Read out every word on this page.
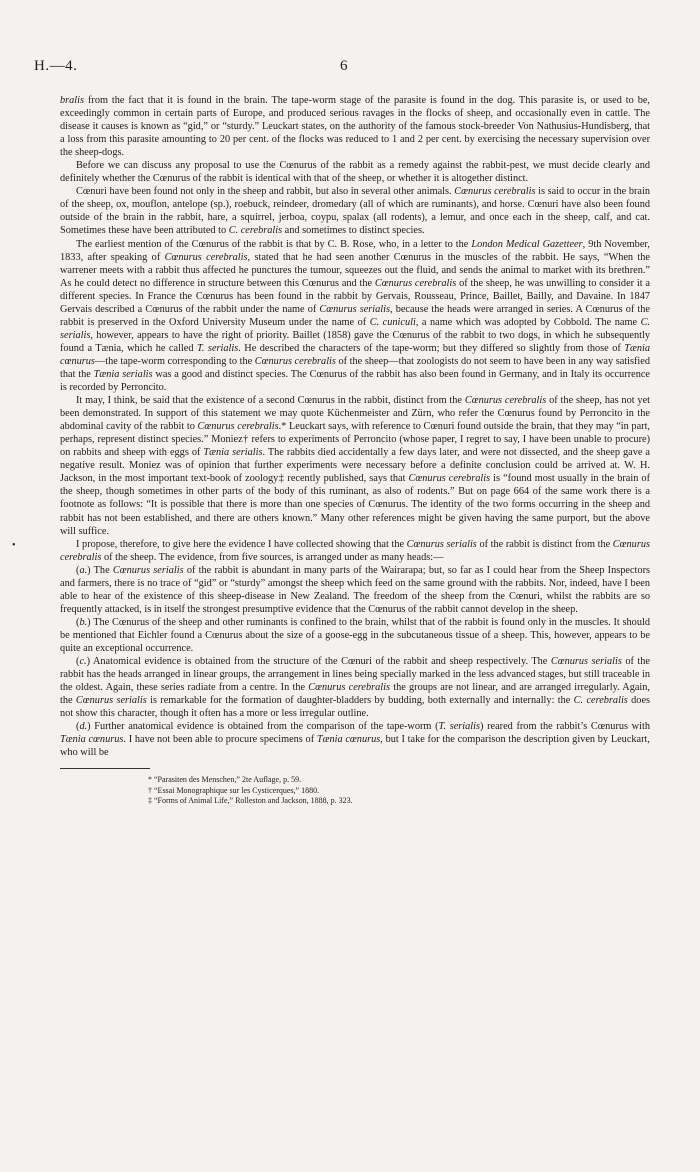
H.—4.	6

bralis from the fact that it is found in the brain. The tape-worm stage of the parasite is found in the dog. This parasite is, or used to be, exceedingly common in certain parts of Europe, and produced serious ravages in the flocks of sheep, and occasionally even in cattle. The disease it causes is known as “gid,” or “sturdy.” Leuckart states, on the authority of the famous stock-breeder Von Nathusius-Hundisberg, that a loss from this parasite amounting to 20 per cent. of the flocks was reduced to 1 and 2 per cent. by exercising the necessary supervision over the sheep-dogs.

Before we can discuss any proposal to use the Cœnurus of the rabbit as a remedy against the rabbit-pest, we must decide clearly and definitely whether the Cœnurus of the rabbit is identical with that of the sheep, or whether it is altogether distinct.

Cœnuri have been found not only in the sheep and rabbit, but also in several other animals. Cœnurus cerebralis is said to occur in the brain of the sheep, ox, mouflon, antelope (sp.), roebuck, reindeer, dromedary (all of which are ruminants), and horse. Cœnuri have also been found outside of the brain in the rabbit, hare, a squirrel, jerboa, coypu, spalax (all rodents), a lemur, and once each in the sheep, calf, and cat. Sometimes these have been attributed to C. cerebralis and sometimes to distinct species.

The earliest mention of the Cœnurus of the rabbit is that by C. B. Rose, who, in a letter to the London Medical Gazetteer, 9th November, 1833, after speaking of Cœnurus cerebralis, stated that he had seen another Cœnurus in the muscles of the rabbit. He says, “When the warrener meets with a rabbit thus affected he punctures the tumour, squeezes out the fluid, and sends the animal to market with its brethren.” As he could detect no difference in structure between this Cœnurus and the Cœnurus cerebralis of the sheep, he was unwilling to consider it a different species. In France the Cœnurus has been found in the rabbit by Gervais, Rousseau, Prince, Baillet, Bailly, and Davaine. In 1847 Gervais described a Cœnurus of the rabbit under the name of Cœnurus serialis, because the heads were arranged in series. A Cœnurus of the rabbit is preserved in the Oxford University Museum under the name of C. cuniculi, a name which was adopted by Cobbold. The name C. serialis, however, appears to have the right of priority. Baillet (1858) gave the Cœnurus of the rabbit to two dogs, in which he subsequently found a Tænia, which he called T. serialis. He described the characters of the tape-worm; but they differed so slightly from those of Tænia cœnurus—the tape-worm corresponding to the Cœnurus cerebralis of the sheep—that zoologists do not seem to have been in any way satisfied that the Tænia serialis was a good and distinct species. The Cœnurus of the rabbit has also been found in Germany, and in Italy its occurrence is recorded by Perroncito.

It may, I think, be said that the existence of a second Cœnurus in the rabbit, distinct from the Cœnurus cerebralis of the sheep, has not yet been demonstrated. In support of this statement we may quote Küchenmeister and Zürn, who refer the Cœnurus found by Perroncito in the abdominal cavity of the rabbit to Cœnurus cerebralis.* Leuckart says, with reference to Cœnuri found outside the brain, that they may “in part, perhaps, represent distinct species.” Moniez† refers to experiments of Perroncito (whose paper, I regret to say, I have been unable to procure) on rabbits and sheep with eggs of Tænia serialis. The rabbits died accidentally a few days later, and were not dissected, and the sheep gave a negative result. Moniez was of opinion that further experiments were necessary before a definite conclusion could be arrived at. W. H. Jackson, in the most important text-book of zoology‡ recently published, says that Cœnurus cerebralis is “found most usually in the brain of the sheep, though sometimes in other parts of the body of this ruminant, as also of rodents.” But on page 664 of the same work there is a footnote as follows: “It is possible that there is more than one species of Cœnurus. The identity of the two forms occurring in the sheep and rabbit has not been established, and there are others known.” Many other references might be given having the same purport, but the above will suffice.

I propose, therefore, to give here the evidence I have collected showing that the Cœnurus serialis of the rabbit is distinct from the Cœnurus cerebralis of the sheep. The evidence, from five sources, is arranged under as many heads:—

(a.) The Cœnurus serialis of the rabbit is abundant in many parts of the Wairarapa; but, so far as I could hear from the Sheep Inspectors and farmers, there is no trace of “gid” or “sturdy” amongst the sheep which feed on the same ground with the rabbits. Nor, indeed, have I been able to hear of the existence of this sheep-disease in New Zealand. The freedom of the sheep from the Cœnuri, whilst the rabbits are so frequently attacked, is in itself the strongest presumptive evidence that the Cœnurus of the rabbit cannot develop in the sheep.

(b.) The Cœnurus of the sheep and other ruminants is confined to the brain, whilst that of the rabbit is found only in the muscles. It should be mentioned that Eichler found a Cœnurus about the size of a goose-egg in the subcutaneous tissue of a sheep. This, however, appears to be quite an exceptional occurrence.

(c.) Anatomical evidence is obtained from the structure of the Cœnuri of the rabbit and sheep respectively. The Cœnurus serialis of the rabbit has the heads arranged in linear groups, the arrangement in lines being specially marked in the less advanced stages, but still traceable in the oldest. Again, these series radiate from a centre. In the Cœnurus cerebralis the groups are not linear, and are arranged irregularly. Again, the Cœnurus serialis is remarkable for the formation of daughter-bladders by budding, both externally and internally: the C. cerebralis does not show this character, though it often has a more or less irregular outline.

(d.) Further anatomical evidence is obtained from the comparison of the tape-worm (T. serialis) reared from the rabbit’s Cœnurus with Tænia cœnurus. I have not been able to procure specimens of Tænia cœnurus, but I take for the comparison the description given by Leuckart, who will be

* “Parasiten des Menschen,” 2te Auflage, p. 59.
† “Essai Monographique sur les Cysticerques,” 1880.
‡ “Forms of Animal Life,” Rolleston and Jackson, 1888, p. 323.
•
